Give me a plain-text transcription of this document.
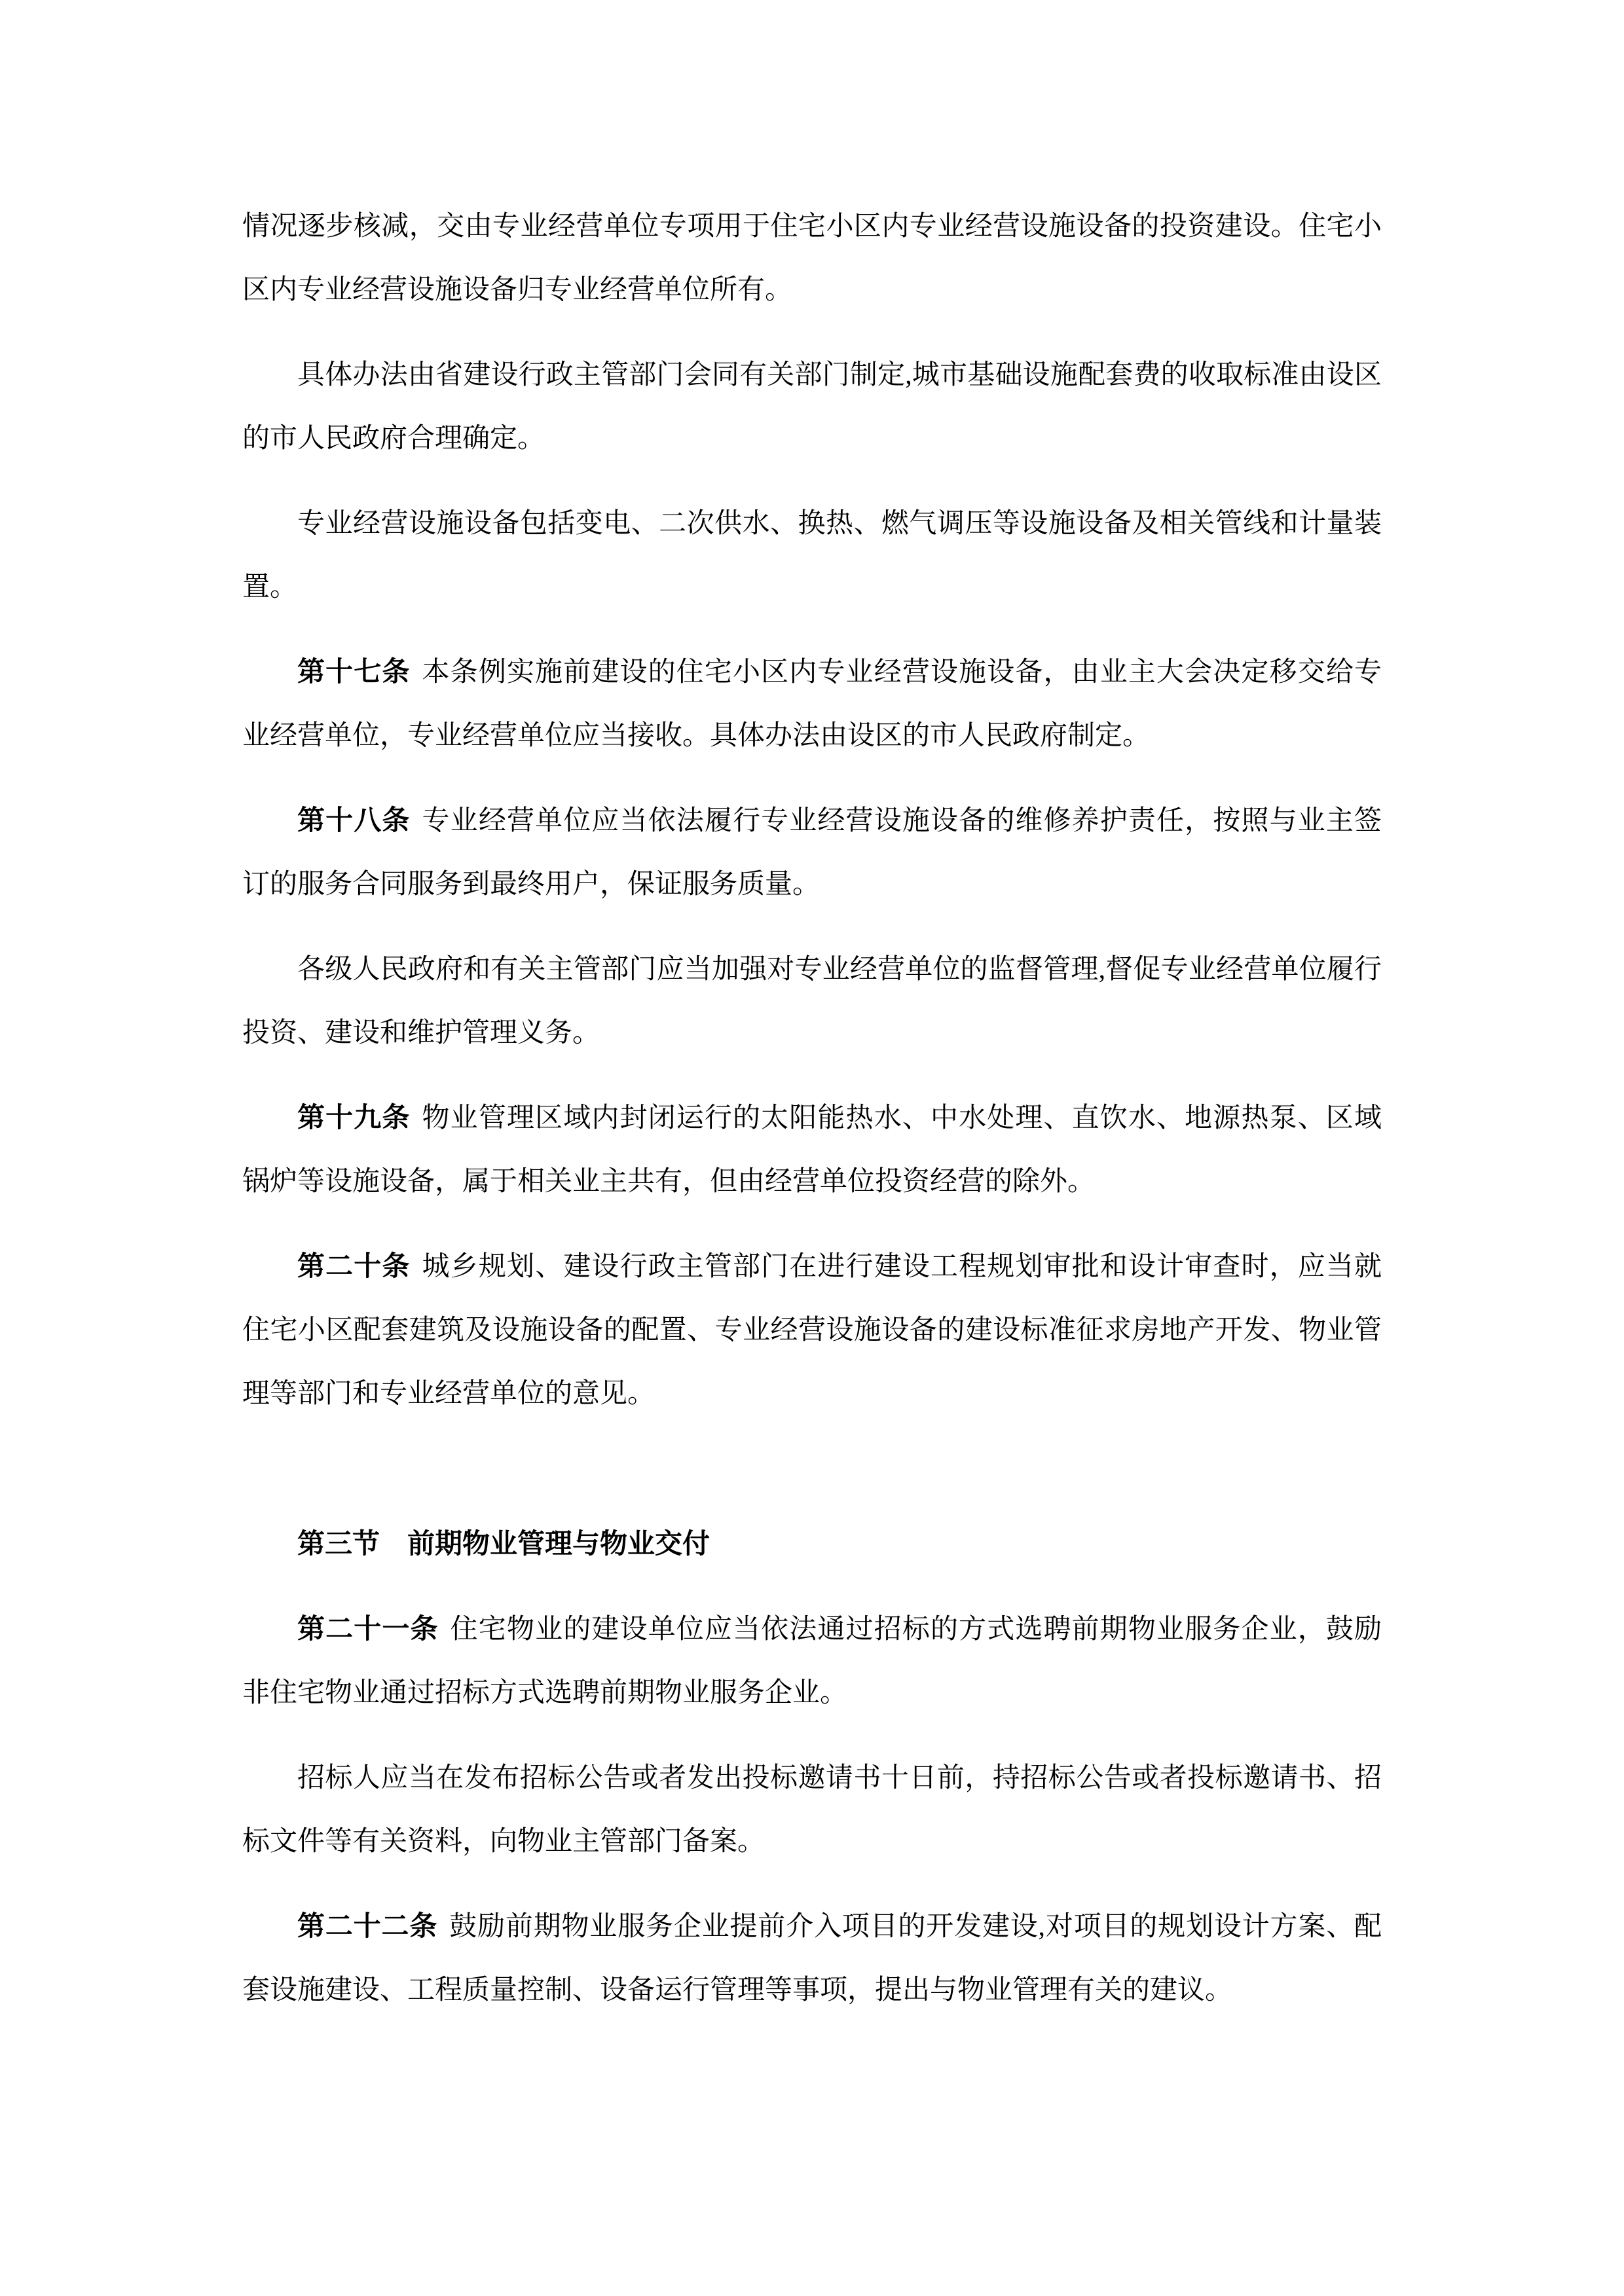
情况逐步核减，交由专业经营单位专项用于住宅小区内专业经营设施设备的投资建设。住宅小区内专业经营设施设备归专业经营单位所有。

具体办法由省建设行政主管部门会同有关部门制定,城市基础设施配套费的收取标准由设区的市人民政府合理确定。

专业经营设施设备包括变电、二次供水、换热、燃气调压等设施设备及相关管线和计量装置。

第十七条 本条例实施前建设的住宅小区内专业经营设施设备，由业主大会决定移交给专业经营单位，专业经营单位应当接收。具体办法由设区的市人民政府制定。

第十八条 专业经营单位应当依法履行专业经营设施设备的维修养护责任，按照与业主签订的服务合同服务到最终用户，保证服务质量。

各级人民政府和有关主管部门应当加强对专业经营单位的监督管理,督促专业经营单位履行投资、建设和维护管理义务。

第十九条 物业管理区域内封闭运行的太阳能热水、中水处理、直饮水、地源热泵、区域锅炉等设施设备，属于相关业主共有，但由经营单位投资经营的除外。

第二十条 城乡规划、建设行政主管部门在进行建设工程规划审批和设计审查时，应当就住宅小区配套建筑及设施设备的配置、专业经营设施设备的建设标准征求房地产开发、物业管理等部门和专业经营单位的意见。

第三节 前期物业管理与物业交付

第二十一条 住宅物业的建设单位应当依法通过招标的方式选聘前期物业服务企业，鼓励非住宅物业通过招标方式选聘前期物业服务企业。

招标人应当在发布招标公告或者发出投标邀请书十日前，持招标公告或者投标邀请书、招标文件等有关资料，向物业主管部门备案。

第二十二条 鼓励前期物业服务企业提前介入项目的开发建设,对项目的规划设计方案、配套设施建设、工程质量控制、设备运行管理等事项，提出与物业管理有关的建议。
